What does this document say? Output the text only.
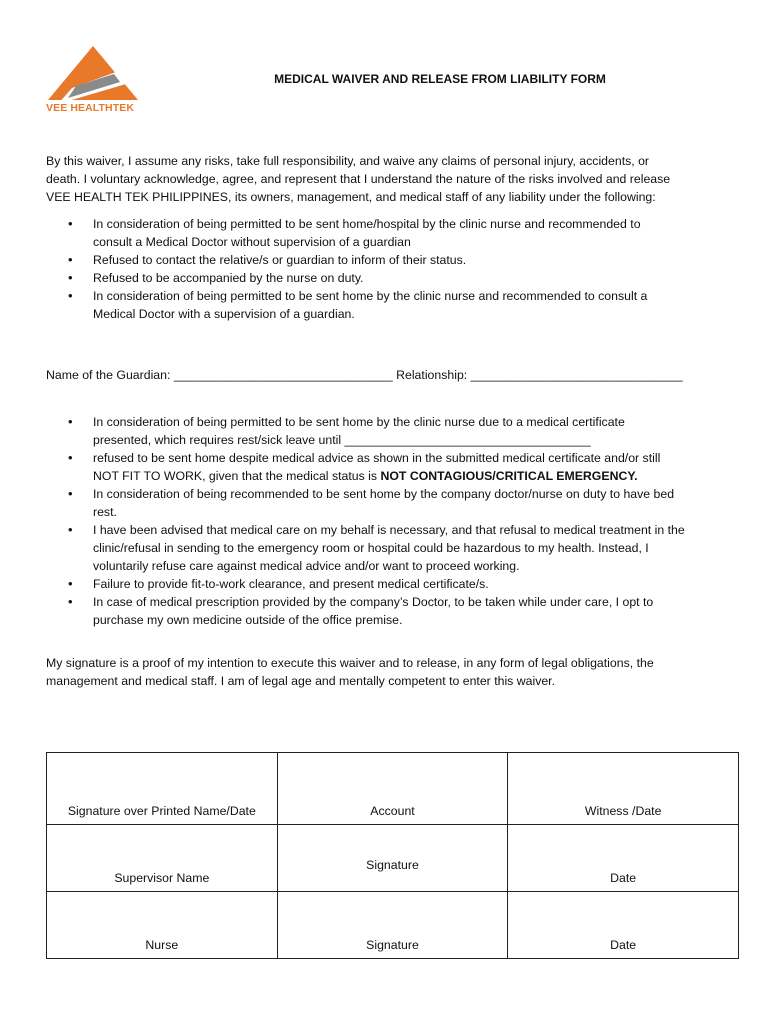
VEE HEALTHTEK
MEDICAL WAIVER AND RELEASE FROM LIABILITY FORM
By this waiver, I assume any risks, take full responsibility, and waive any claims of personal injury, accidents, or
death. I voluntary acknowledge, agree, and represent that I understand the nature of the risks involved and release
VEE HEALTH TEK PHILIPPINES, its owners, management, and medical staff of any liability under the following:
• In consideration of being permitted to be sent home/hospital by the clinic nurse and recommended to
consult a Medical Doctor without supervision of a guardian
• Refused to contact the relative/s or guardian to inform of their status.
• Refused to be accompanied by the nurse on duty.
• In consideration of being permitted to be sent home by the clinic nurse and recommended to consult a
Medical Doctor with a supervision of a guardian.
Name of the Guardian: ________________________________ Relationship: _______________________________
• In consideration of being permitted to be sent home by the clinic nurse due to a medical certificate
presented, which requires rest/sick leave until ____________________________________
• refused to be sent home despite medical advice as shown in the submitted medical certificate and/or still
NOT FIT TO WORK, given that the medical status is NOT CONTAGIOUS/CRITICAL EMERGENCY.
• In consideration of being recommended to be sent home by the company doctor/nurse on duty to have bed
rest.
• I have been advised that medical care on my behalf is necessary, and that refusal to medical treatment in the
clinic/refusal in sending to the emergency room or hospital could be hazardous to my health. Instead, I
voluntarily refuse care against medical advice and/or want to proceed working.
• Failure to provide fit-to-work clearance, and present medical certificate/s.
• In case of medical prescription provided by the company’s Doctor, to be taken while under care, I opt to
purchase my own medicine outside of the office premise.
My signature is a proof of my intention to execute this waiver and to release, in any form of legal obligations, the
management and medical staff. I am of legal age and mentally competent to enter this waiver.
Signature over Printed Name/Date	Account	Witness /Date

Supervisor Name	Signature	Date

Nurse	Signature	Date
